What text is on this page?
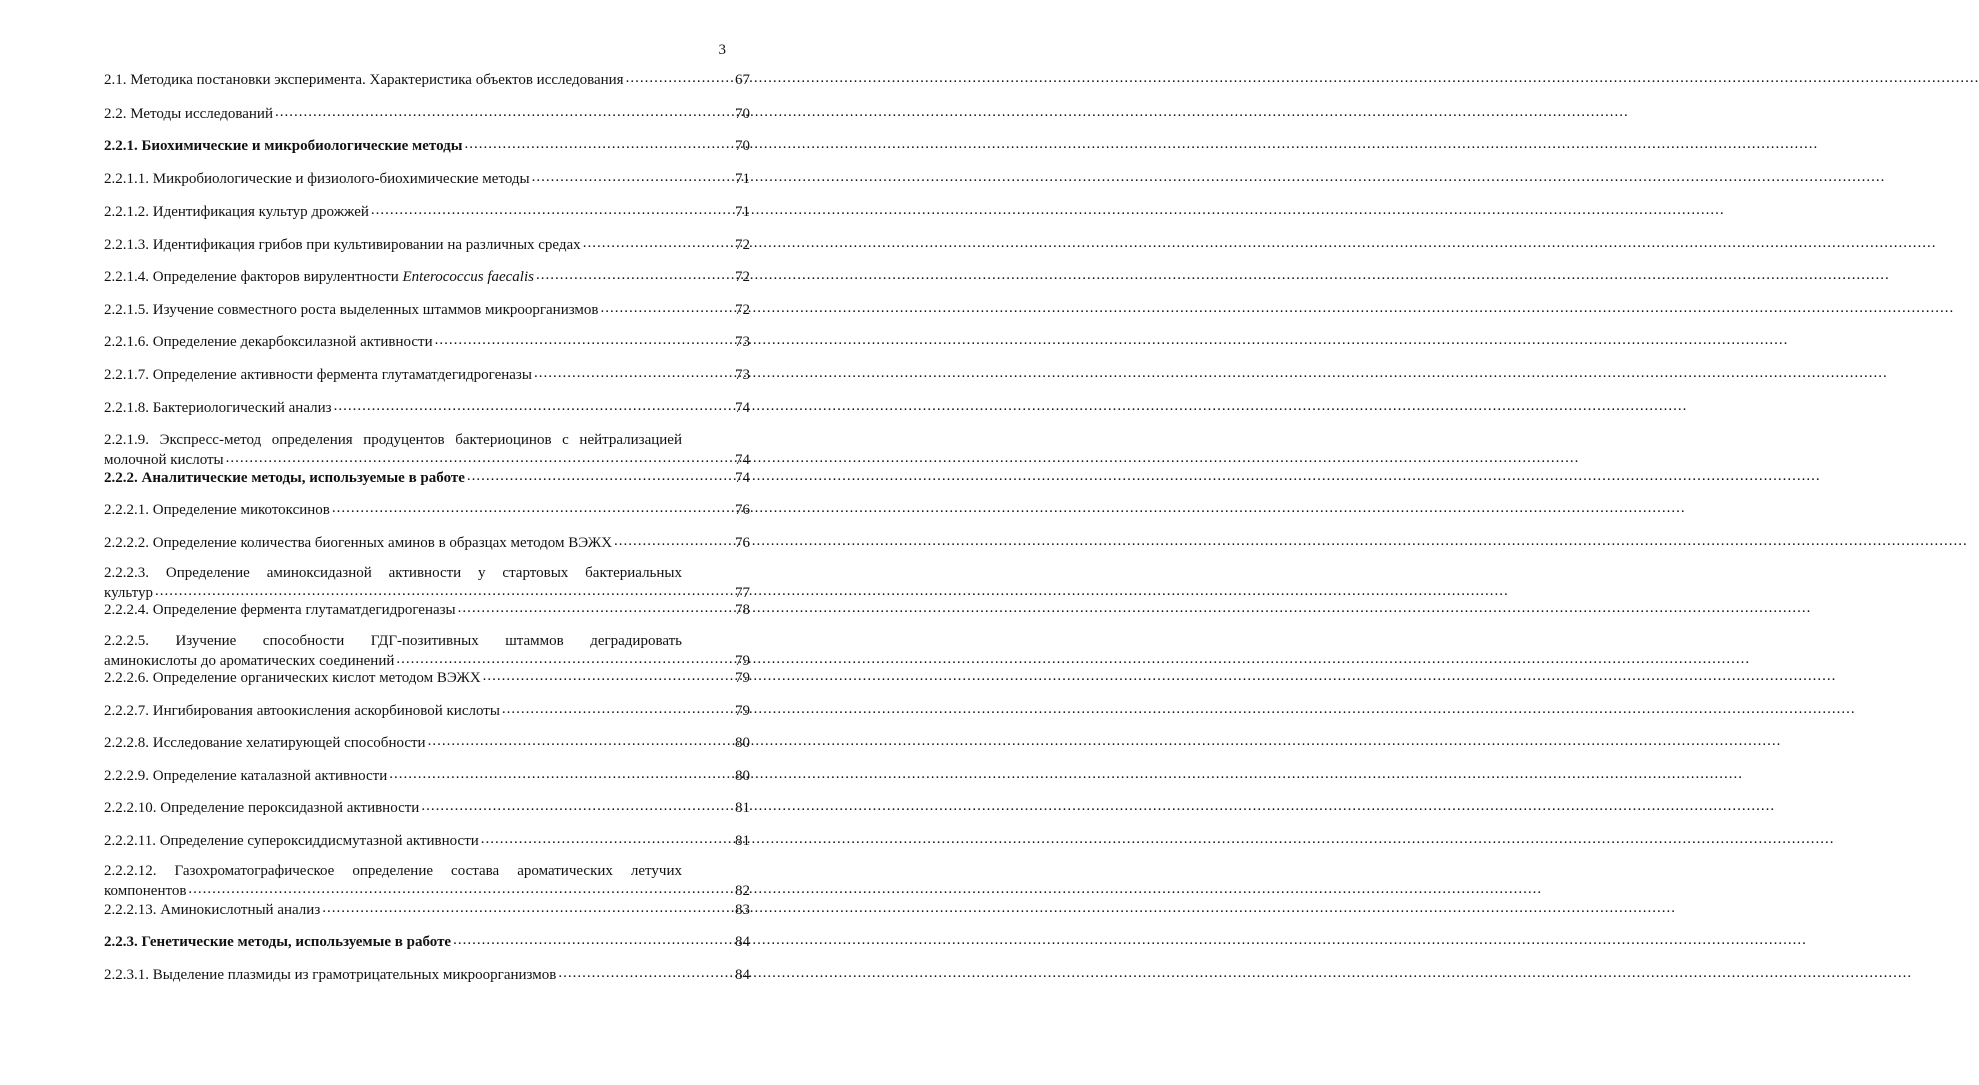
3
2.1. Методика постановки эксперимента. Характеристика объектов исследования .....	67
2.2. Методы исследований .....	70
2.2.1. Биохимические и микробиологические методы .....	70
2.2.1.1. Микробиологические и физиолого-биохимические методы .....	71
2.2.1.2. Идентификация культур дрожжей .....	71
2.2.1.3. Идентификация грибов при культивировании на различных средах .....	72
2.2.1.4. Определение факторов вирулентности Enterococcus faecalis .....	72
2.2.1.5. Изучение совместного роста выделенных штаммов микроорганизмов .....	72
2.2.1.6. Определение декарбоксилазной активности .....	73
2.2.1.7. Определение активности фермента глутаматдегидрогеназы .....	73
2.2.1.8. Бактериологический анализ .....	74
2.2.1.9. Экспресс-метод определения продуцентов бактериоцинов с нейтрализацией
молочной кислоты .....	74
2.2.2. Аналитические методы, используемые в работе .....	74
2.2.2.1. Определение микотоксинов .....	76
2.2.2.2. Определение количества биогенных аминов в образцах методом ВЭЖХ .....	76
2.2.2.3. Определение аминоксидазной активности у стартовых бактериальных
культур .....	77
2.2.2.4. Определение фермента глутаматдегидрогеназы .....	78
2.2.2.5. Изучение способности ГДГ-позитивных штаммов деградировать
аминокислоты до ароматических соединений .....	79
2.2.2.6. Определение органических кислот методом ВЭЖХ .....	79
2.2.2.7. Ингибирования автоокисления аскорбиновой кислоты .....	79
2.2.2.8. Исследование хелатирующей способности .....	80
2.2.2.9. Определение каталазной активности .....	80
2.2.2.10. Определение пероксидазной активности .....	81
2.2.2.11. Определение супероксиддисмутазной активности .....	81
2.2.2.12. Газохроматографическое определение состава ароматических летучих
компонентов .....	82
2.2.2.13. Аминокислотный анализ .....	83
2.2.3. Генетические методы, используемые в работе .....	84
2.2.3.1. Выделение плазмиды из грамотрицательных микроорганизмов .....	84
